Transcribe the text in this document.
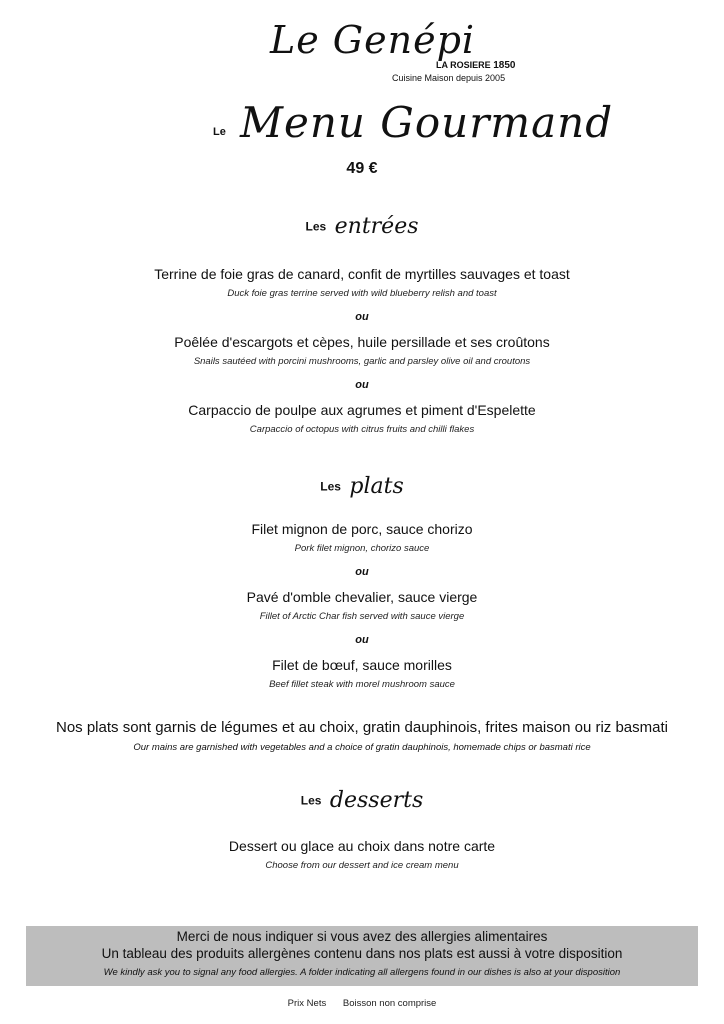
Le Genépi
LA ROSIERE 1850
Cuisine Maison depuis 2005
Le Menu Gourmand
49 €
Les entrées
Terrine de foie gras de canard, confit de myrtilles sauvages et toast
Duck foie gras terrine served with wild blueberry relish and toast
ou
Poêlée d'escargots et cèpes, huile persillade et ses croûtons
Snails sautéed with porcini mushrooms, garlic and parsley olive oil and croutons
ou
Carpaccio de poulpe aux agrumes et piment d'Espelette
Carpaccio of octopus with citrus fruits and chilli flakes
Les plats
Filet mignon de porc, sauce chorizo
Pork filet mignon, chorizo sauce
ou
Pavé d'omble chevalier, sauce vierge
Fillet of Arctic Char fish served with sauce vierge
ou
Filet de bœuf, sauce morilles
Beef fillet steak with morel mushroom sauce
Nos plats sont garnis de légumes et au choix, gratin dauphinois, frites maison ou riz basmati
Our mains are garnished with vegetables and a choice of gratin dauphinois, homemade chips or basmati rice
Les desserts
Dessert ou glace au choix dans notre carte
Choose from our dessert and ice cream menu
Merci de nous indiquer si vous avez des allergies alimentaires
Un tableau des produits allergènes contenu dans nos plats est aussi à votre disposition
We kindly ask you to signal any food allergies. A folder indicating all allergens found in our dishes is also at your disposition
Prix Nets Boisson non comprise
